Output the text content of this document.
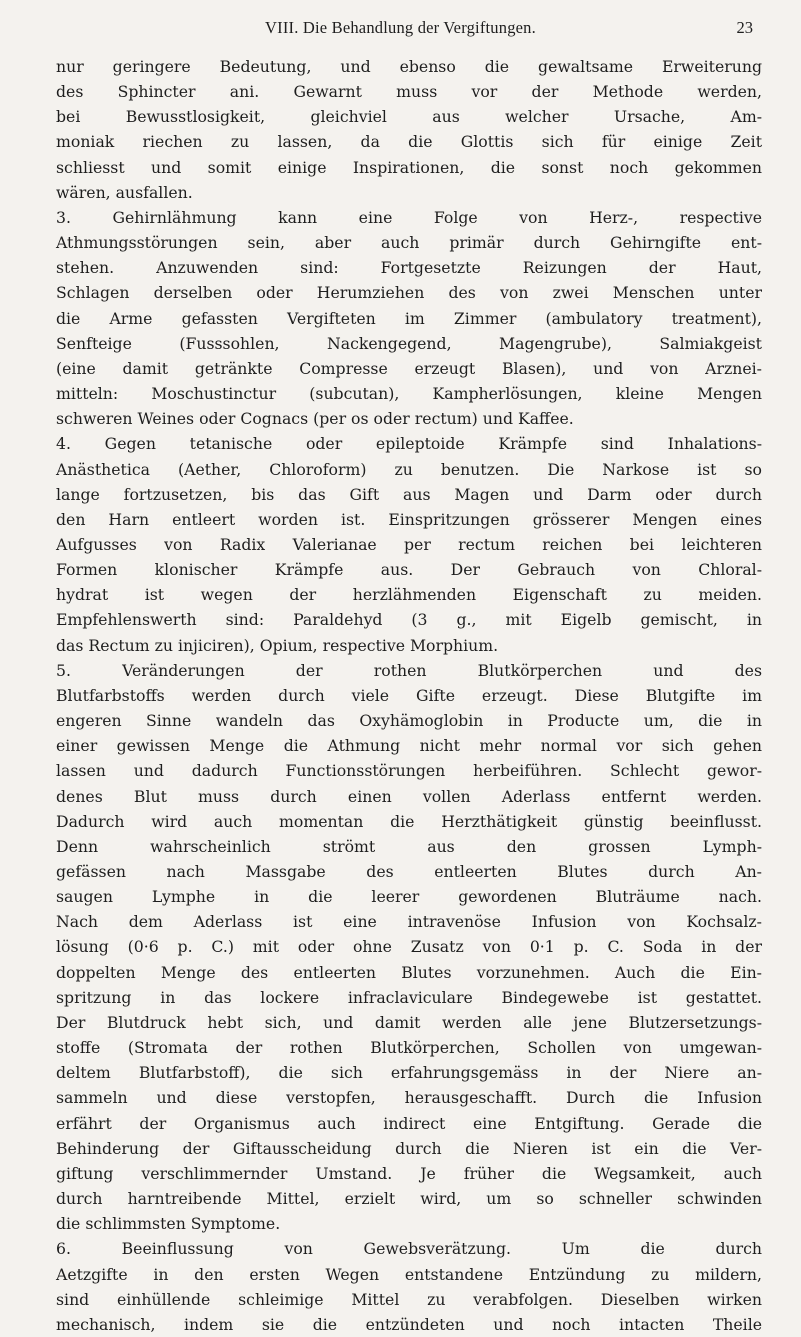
VIII. Die Behandlung der Vergiftungen.	23
nur geringere Bedeutung, und ebenso die gewaltsame Erweiterung
des Sphincter ani. Gewarnt muss vor der Methode werden,
bei Bewusstlosigkeit, gleichviel aus welcher Ursache, Am-
moniak riechen zu lassen, da die Glottis sich für einige Zeit
schliesst und somit einige Inspirationen, die sonst noch gekommen
wären, ausfallen.
3. Gehirnlähmung kann eine Folge von Herz-, respective
Athmungsstörungen sein, aber auch primär durch Gehirngifte ent-
stehen. Anzuwenden sind: Fortgesetzte Reizungen der Haut,
Schlagen derselben oder Herumziehen des von zwei Menschen unter
die Arme gefassten Vergifteten im Zimmer (ambulatory treatment),
Senfteige (Fusssohlen, Nackengegend, Magengrube), Salmiakgeist
(eine damit getränkte Compresse erzeugt Blasen), und von Arznei-
mitteln: Moschustinctur (subcutan), Kampherlösungen, kleine Mengen
schweren Weines oder Cognacs (per os oder rectum) und Kaffee.
4. Gegen tetanische oder epileptoide Krämpfe sind Inhalations-
Anästhetica (Aether, Chloroform) zu benutzen. Die Narkose ist so
lange fortzusetzen, bis das Gift aus Magen und Darm oder durch
den Harn entleert worden ist. Einspritzungen grösserer Mengen eines
Aufgusses von Radix Valerianae per rectum reichen bei leichteren
Formen klonischer Krämpfe aus. Der Gebrauch von Chloral-
hydrat ist wegen der herzlähmenden Eigenschaft zu meiden.
Empfehlenswerth sind: Paraldehyd (3 g., mit Eigelb gemischt, in
das Rectum zu injiciren), Opium, respective Morphium.
5. Veränderungen der rothen Blutkörperchen und des
Blutfarbstoffs werden durch viele Gifte erzeugt. Diese Blutgifte im
engeren Sinne wandeln das Oxyhämoglobin in Producte um, die in
einer gewissen Menge die Athmung nicht mehr normal vor sich gehen
lassen und dadurch Functionsstörungen herbeiführen. Schlecht gewor-
denes Blut muss durch einen vollen Aderlass entfernt werden.
Dadurch wird auch momentan die Herzthätigkeit günstig beeinflusst.
Denn wahrscheinlich strömt aus den grossen Lymph-
gefässen nach Massgabe des entleerten Blutes durch An-
saugen Lymphe in die leerer gewordenen Bluträume nach.
Nach dem Aderlass ist eine intravenöse Infusion von Kochsalz-
lösung (0·6 p. C.) mit oder ohne Zusatz von 0·1 p. C. Soda in der
doppelten Menge des entleerten Blutes vorzunehmen. Auch die Ein-
spritzung in das lockere infraclaviculare Bindegewebe ist gestattet.
Der Blutdruck hebt sich, und damit werden alle jene Blutzersetzungs-
stoffe (Stromata der rothen Blutkörperchen, Schollen von umgewan-
deltem Blutfarbstoff), die sich erfahrungsgemäss in der Niere an-
sammeln und diese verstopfen, herausgeschafft. Durch die Infusion
erfährt der Organismus auch indirect eine Entgiftung. Gerade die
Behinderung der Giftausscheidung durch die Nieren ist ein die Ver-
giftung verschlimmernder Umstand. Je früher die Wegsamkeit, auch
durch harntreibende Mittel, erzielt wird, um so schneller schwinden
die schlimmsten Symptome.
6. Beeinflussung von Gewebsverätzung. Um die durch
Aetzgifte in den ersten Wegen entstandene Entzündung zu mildern,
sind einhüllende schleimige Mittel zu verabfolgen. Dieselben wirken
mechanisch, indem sie die entzündeten und noch intacten Theile
